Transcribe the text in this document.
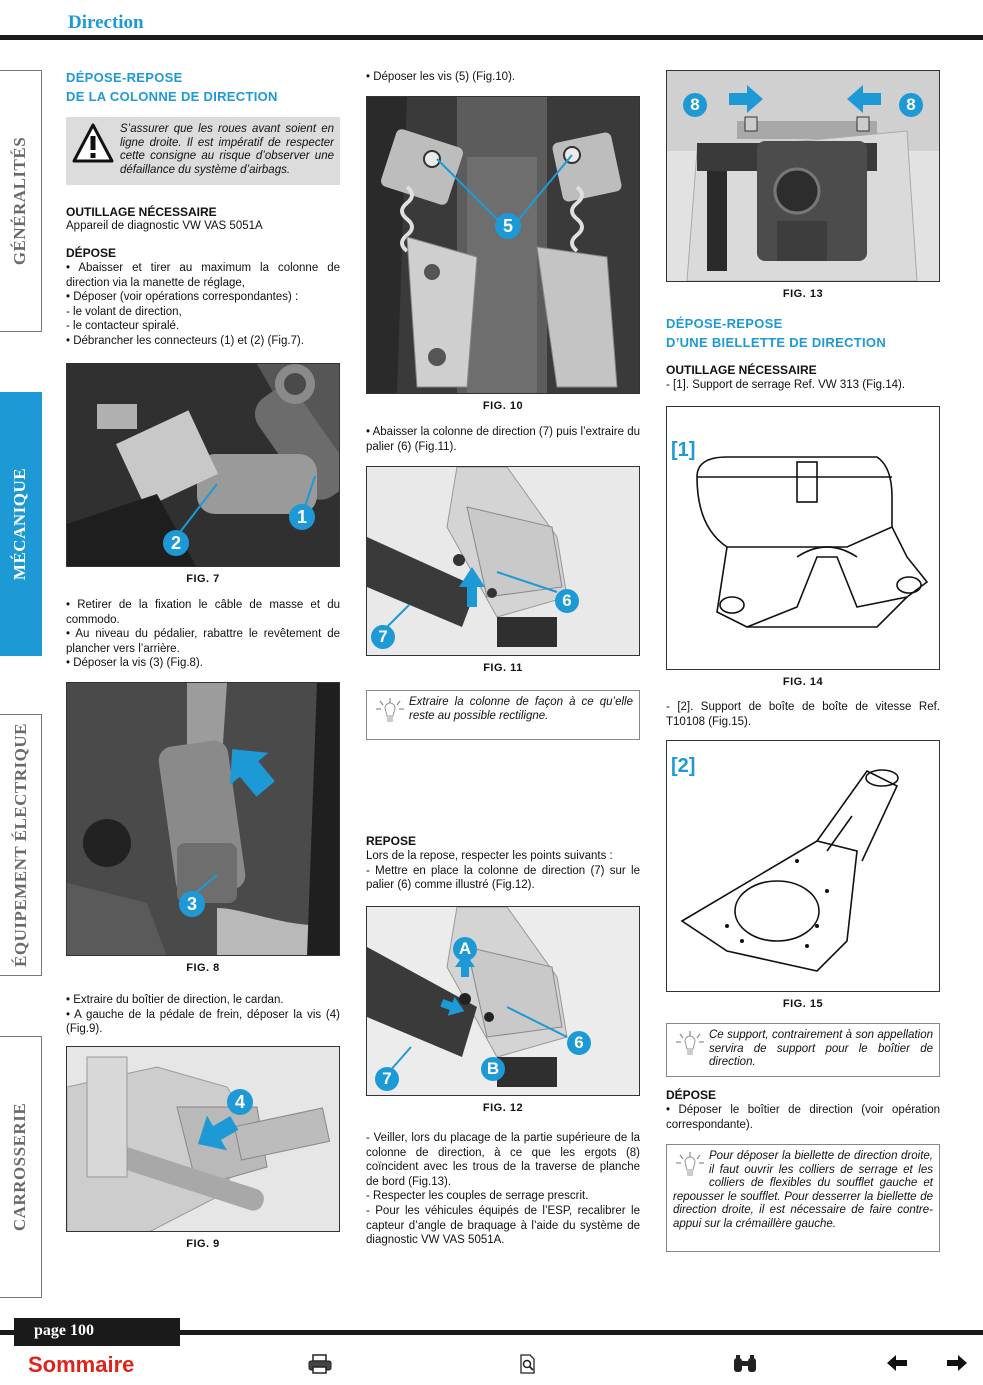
Direction
GÉNÉRALITÉS
MÉCANIQUE
ÉQUIPEMENT ÉLECTRIQUE
CARROSSERIE
DÉPOSE-REPOSE
DE LA COLONNE DE DIRECTION
S’assurer que les roues avant soient en ligne droite. Il est impératif de respecter cette consigne au risque d’observer une défaillance du système d’airbags.
OUTILLAGE NÉCESSAIRE
Appareil de diagnostic VW VAS 5051A
DÉPOSE
• Abaisser et tirer au maximum la colonne de direction via la manette de réglage,
• Déposer (voir opérations correspondantes) :
- le volant de direction,
- le contacteur spiralé.
• Débrancher les connecteurs (1) et (2) (Fig.7).
1
2
FIG. 7
• Retirer de la fixation le câble de masse et du commodo.
• Au niveau du pédalier, rabattre le revêtement de plancher vers l’arrière.
• Déposer la vis (3) (Fig.8).
3
FIG. 8
• Extraire du boîtier de direction, le cardan.
• A gauche de la pédale de frein, déposer la vis (4) (Fig.9).
4
FIG. 9
• Déposer les vis (5) (Fig.10).
5
FIG. 10
• Abaisser la colonne de direction (7) puis l’extraire du palier (6) (Fig.11).
6
7
FIG. 11
Extraire la colonne de façon à ce qu’elle reste au possible rectiligne.
REPOSE
Lors de la repose, respecter les points suivants :
- Mettre en place la colonne de direction (7) sur le palier (6) comme illustré (Fig.12).
A
B
6
7
FIG. 12
- Veiller, lors du placage de la partie supérieure de la colonne de direction, à ce que les ergots (8) coïncident avec les trous de la traverse de planche de bord (Fig.13).
- Respecter les couples de serrage prescrit.
- Pour les véhicules équipés de l’ESP, recalibrer le capteur d’angle de braquage à l’aide du système de diagnostic VW VAS 5051A.
8	8
FIG. 13
DÉPOSE-REPOSE
D’UNE BIELLETTE DE DIRECTION
OUTILLAGE NÉCESSAIRE
- [1]. Support de serrage Ref. VW 313 (Fig.14).
[1]
FIG. 14
- [2]. Support de boîte de boîte de vitesse Ref. T10108 (Fig.15).
[2]
FIG. 15
Ce support, contrairement à son appellation servira de support pour le boîtier de direction.
DÉPOSE
• Déposer le boîtier de direction (voir opération correspondante).
Pour déposer la biellette de direction droite, il faut ouvrir les colliers de serrage et les colliers de flexibles du soufflet gauche et repousser le soufflet. Pour desserrer la biellette de direction droite, il est nécessaire de faire contre-appui sur la crémaillère gauche.
page 100
Sommaire
